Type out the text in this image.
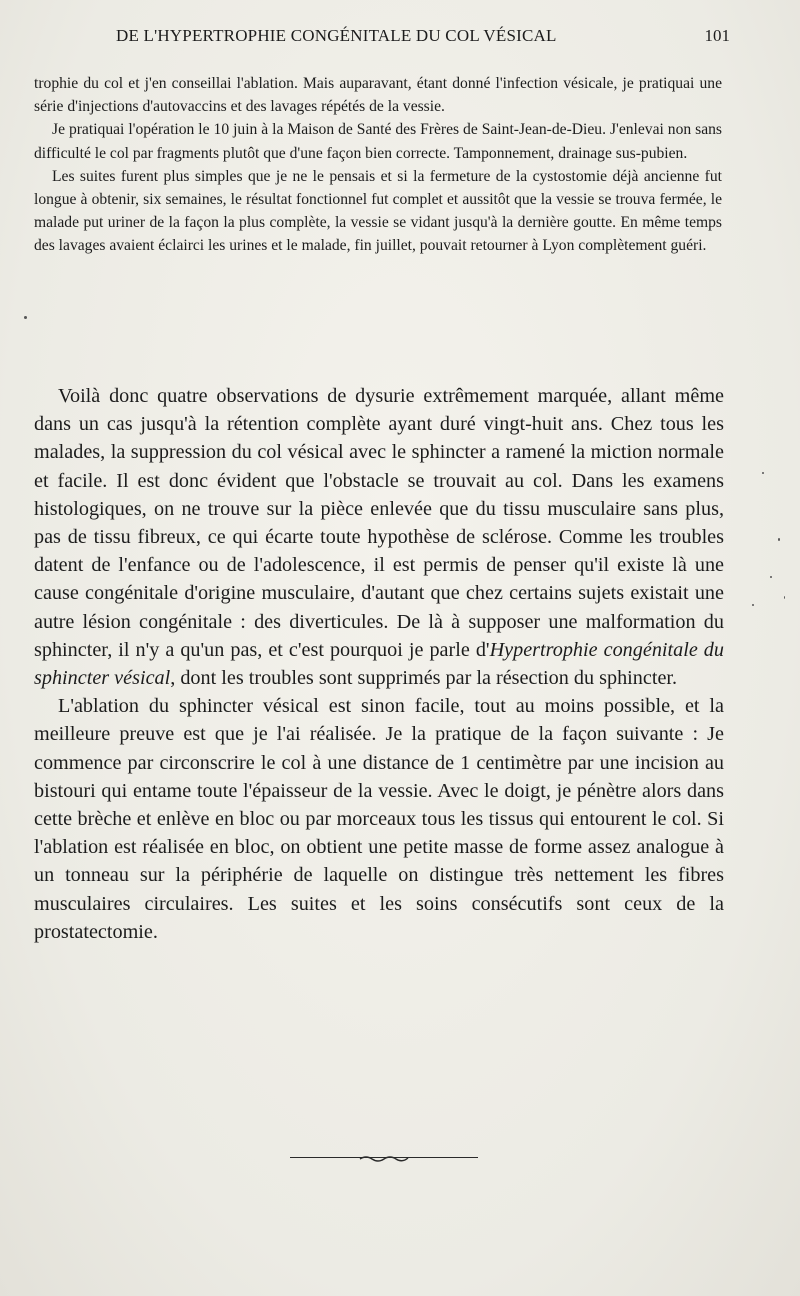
DE L'HYPERTROPHIE CONGÉNITALE DU COL VÉSICAL	101

trophie du col et j'en conseillai l'ablation. Mais auparavant, étant donné l'infection vésicale, je pratiquai une série d'injections d'autovaccins et des lavages répétés de la vessie.

Je pratiquai l'opération le 10 juin à la Maison de Santé des Frères de Saint-Jean-de-Dieu. J'enlevai non sans difficulté le col par fragments plutôt que d'une façon bien correcte. Tamponnement, drainage sus-pubien.

Les suites furent plus simples que je ne le pensais et si la fermeture de la cystostomie déjà ancienne fut longue à obtenir, six semaines, le résultat fonctionnel fut complet et aussitôt que la vessie se trouva fermée, le malade put uriner de la façon la plus complète, la vessie se vidant jusqu'à la dernière goutte. En même temps des lavages avaient éclairci les urines et le malade, fin juillet, pouvait retourner à Lyon complètement guéri.

Voilà donc quatre observations de dysurie extrêmement marquée, allant même dans un cas jusqu'à la rétention complète ayant duré vingt-huit ans. Chez tous les malades, la suppression du col vésical avec le sphincter a ramené la miction normale et facile. Il est donc évident que l'obstacle se trouvait au col. Dans les examens histologiques, on ne trouve sur la pièce enlevée que du tissu musculaire sans plus, pas de tissu fibreux, ce qui écarte toute hypothèse de sclérose. Comme les troubles datent de l'enfance ou de l'adolescence, il est permis de penser qu'il existe là une cause congénitale d'origine musculaire, d'autant que chez certains sujets existait une autre lésion congénitale : des diverticules. De là à supposer une malformation du sphincter, il n'y a qu'un pas, et c'est pourquoi je parle d'Hypertrophie congénitale du sphincter vésical, dont les troubles sont supprimés par la résection du sphincter.

L'ablation du sphincter vésical est sinon facile, tout au moins possible, et la meilleure preuve est que je l'ai réalisée. Je la pratique de la façon suivante : Je commence par circonscrire le col à une distance de 1 centimètre par une incision au bistouri qui entame toute l'épaisseur de la vessie. Avec le doigt, je pénètre alors dans cette brèche et enlève en bloc ou par morceaux tous les tissus qui entourent le col. Si l'ablation est réalisée en bloc, on obtient une petite masse de forme assez analogue à un tonneau sur la périphérie de laquelle on distingue très nettement les fibres musculaires circulaires. Les suites et les soins consécutifs sont ceux de la prostatectomie.
